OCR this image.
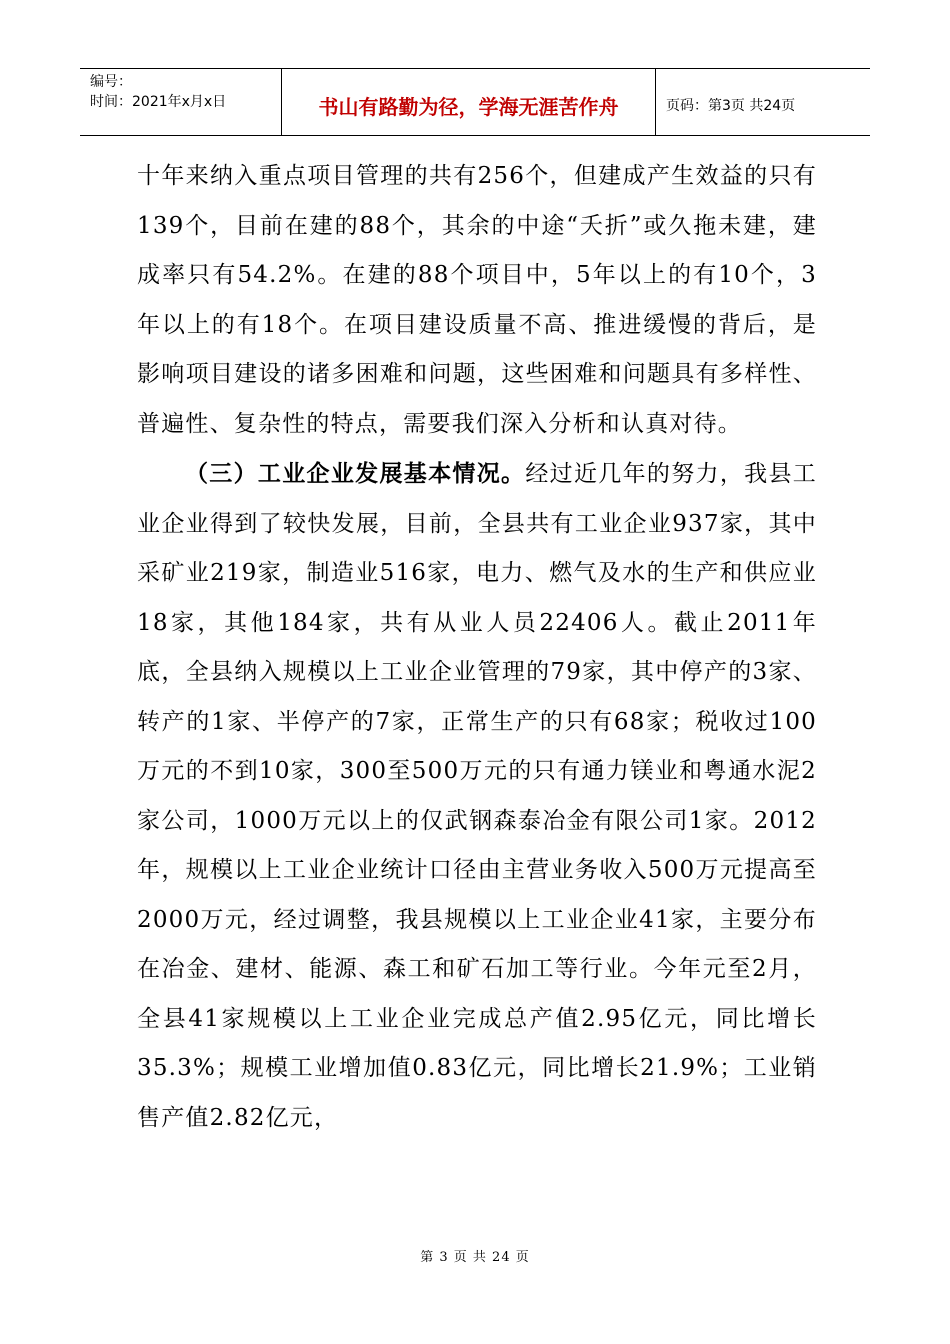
编号：
时间：2021年x月x日	书山有路勤为径，学海无涯苦作舟	页码：第3页 共24页

十年来纳入重点项目管理的共有256个，但建成产生效益的只有139个，目前在建的88个，其余的中途“夭折”或久拖未建，建成率只有54.2%。在建的88个项目中，5年以上的有10个，3年以上的有18个。在项目建设质量不高、推进缓慢的背后，是影响项目建设的诸多困难和问题，这些困难和问题具有多样性、普遍性、复杂性的特点，需要我们深入分析和认真对待。

（三）工业企业发展基本情况。经过近几年的努力，我县工业企业得到了较快发展，目前，全县共有工业企业937家，其中采矿业219家，制造业516家，电力、燃气及水的生产和供应业18家，其他184家，共有从业人员22406人。截止2011年底，全县纳入规模以上工业企业管理的79家，其中停产的3家、转产的1家、半停产的7家，正常生产的只有68家；税收过100万元的不到10家，300至500万元的只有通力镁业和粤通水泥2家公司，1000万元以上的仅武钢森泰冶金有限公司1家。2012年，规模以上工业企业统计口径由主营业务收入500万元提高至2000万元，经过调整，我县规模以上工业企业41家，主要分布在冶金、建材、能源、森工和矿石加工等行业。今年元至2月，全县41家规模以上工业企业完成总产值2.95亿元，同比增长35.3%；规模工业增加值0.83亿元，同比增长21.9%；工业销售产值2.82亿元，

第 3 页 共 24 页
